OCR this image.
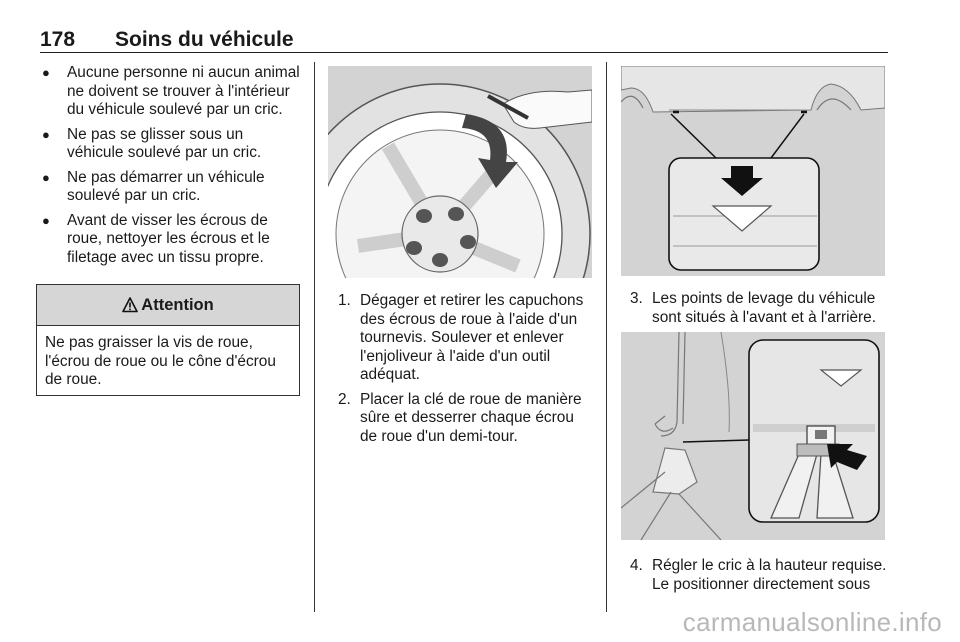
178 Soins du véhicule
● Aucune personne ni aucun animal ne doivent se trouver à l'intérieur du véhicule soulevé par un cric.
● Ne pas se glisser sous un véhicule soulevé par un cric.
● Ne pas démarrer un véhicule soulevé par un cric.
● Avant de visser les écrous de roue, nettoyer les écrous et le filetage avec un tissu propre.
Attention
Ne pas graisser la vis de roue, l'écrou de roue ou le cône d'écrou de roue.
1. Dégager et retirer les capuchons des écrous de roue à l'aide d'un tournevis. Soulever et enlever l'enjoliveur à l'aide d'un outil adéquat.
2. Placer la clé de roue de manière sûre et desserrer chaque écrou de roue d'un demi-tour.
3. Les points de levage du véhicule sont situés à l'avant et à l'arrière.
4. Régler le cric à la hauteur requise. Le positionner directement sous
carmanualsonline.info
